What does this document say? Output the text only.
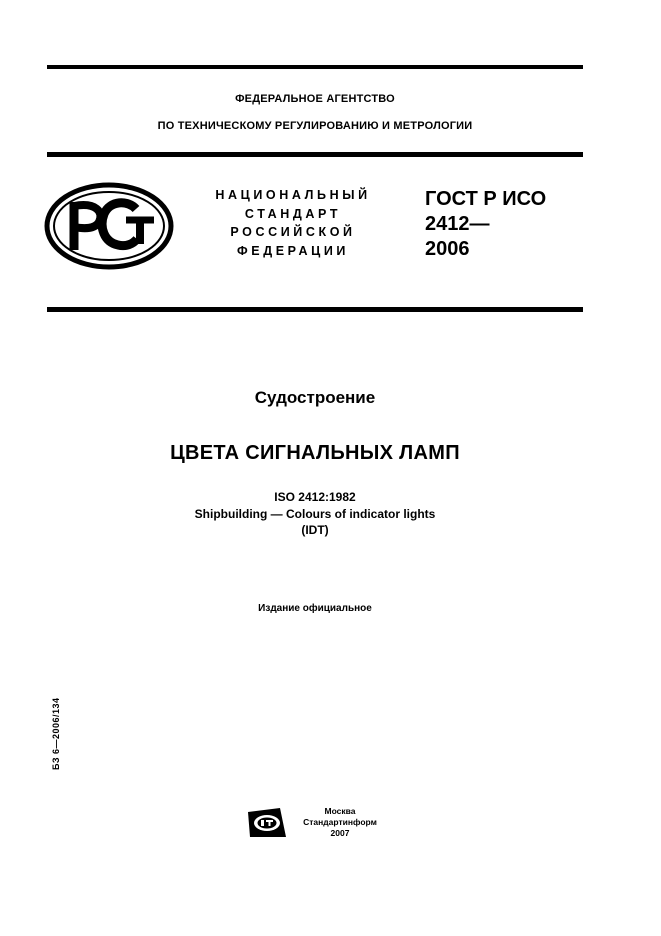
ФЕДЕРАЛЬНОЕ АГЕНТСТВО
ПО ТЕХНИЧЕСКОМУ РЕГУЛИРОВАНИЮ И МЕТРОЛОГИИ
НАЦИОНАЛЬНЫЙ
СТАНДАРТ
РОССИЙСКОЙ
ФЕДЕРАЦИИ
ГОСТ Р ИСО
2412—
2006
Судостроение
ЦВЕТА СИГНАЛЬНЫХ ЛАМП
ISO 2412:1982
Shipbuilding — Colours of indicator lights
(IDT)
Издание официальное
БЗ 6—2006/134
Москва
Стандартинформ
2007
